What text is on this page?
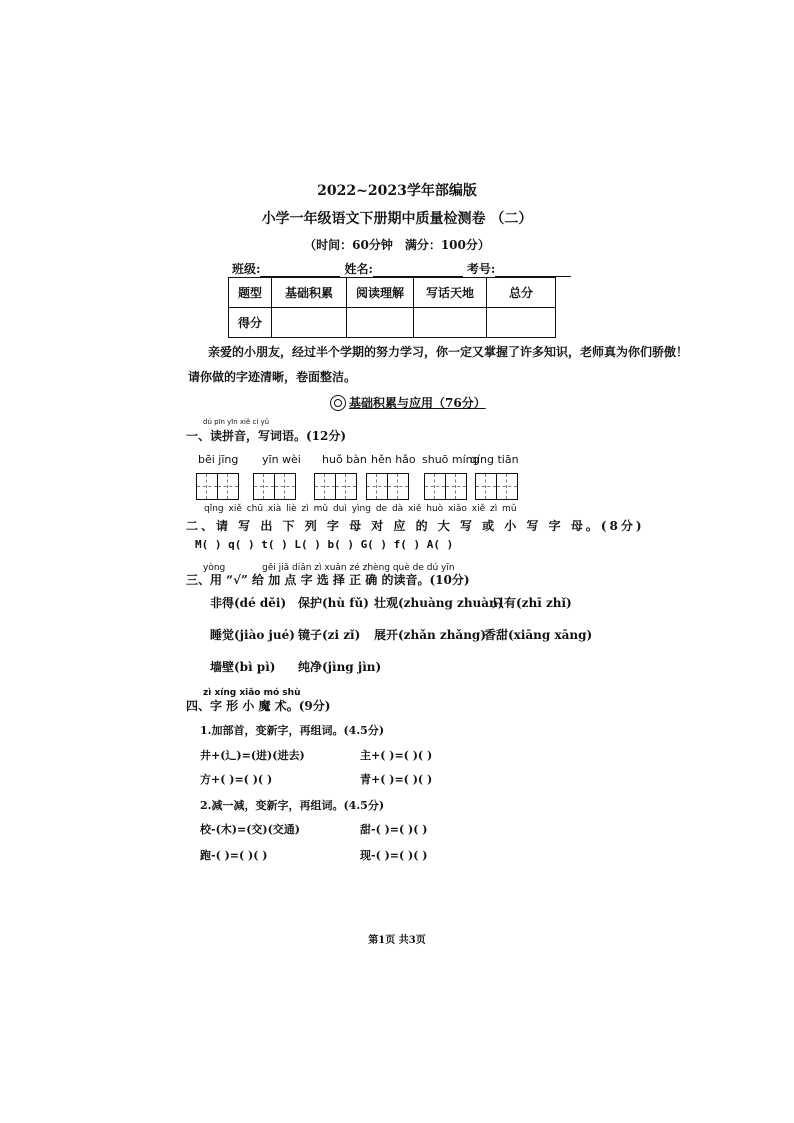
2022~2023学年部编版
小学一年级语文下册期中质量检测卷 （二）
（时间：60分钟　满分：100分）
班级:	姓名:	考号:
题型	基础积累	阅读理解	写话天地	总分
得分				
亲爱的小朋友，经过半个学期的努力学习，你一定又掌握了许多知识，老师真为你们骄傲！
请你做的字迹清晰，卷面整洁。
基础积累与应用（76分）
dú pīn yīn xiě cí yǔ
一、读拼音，写词语。(12分)
bēi jīng yīn wèi huǒ bàn hěn hǎo shuō míng
qíng tiān
qǐng xiě chū xià liè zì mǔ duì yìng de dà xiě huò xiǎo xiě zì mǔ
二、请 写 出 下 列 字 母 对 应 的 大 写 或 小 写 字 母。(8分)
M( ) q( ) t( ) L( ) b( ) G( ) f( ) A( )
yòng	gěi jiā diǎn zì xuǎn zé zhèng què de dú yīn
三、用 “√” 给 加 点 字 选 择 正 确 的读音。(10分)
非得(dé děi) 保护(hù fǔ) 壮观(zhuàng zhuàn)
只有(zhī zhǐ)
睡觉(jiào jué) 镜子(zi zǐ) 展开(zhǎn zhǎng)
香甜(xiāng xāng)
墙壁(bì pì) 纯净(jìng jìn)
zì xíng xiǎo mó shù
四、字 形 小 魔 术。(9分)
1.加部首，变新字，再组词。(4.5分)
井+(辶)=(进)(进去)	主+( )=( )( )
方+( )=( )( )	青+( )=( )( )
2.减一减，变新字，再组词。(4.5分)
校-(木)=(交)(交通)	甜-( )=( )( )
跑-( )=( )( )	现-( )=( )( )
第1页 共3页
